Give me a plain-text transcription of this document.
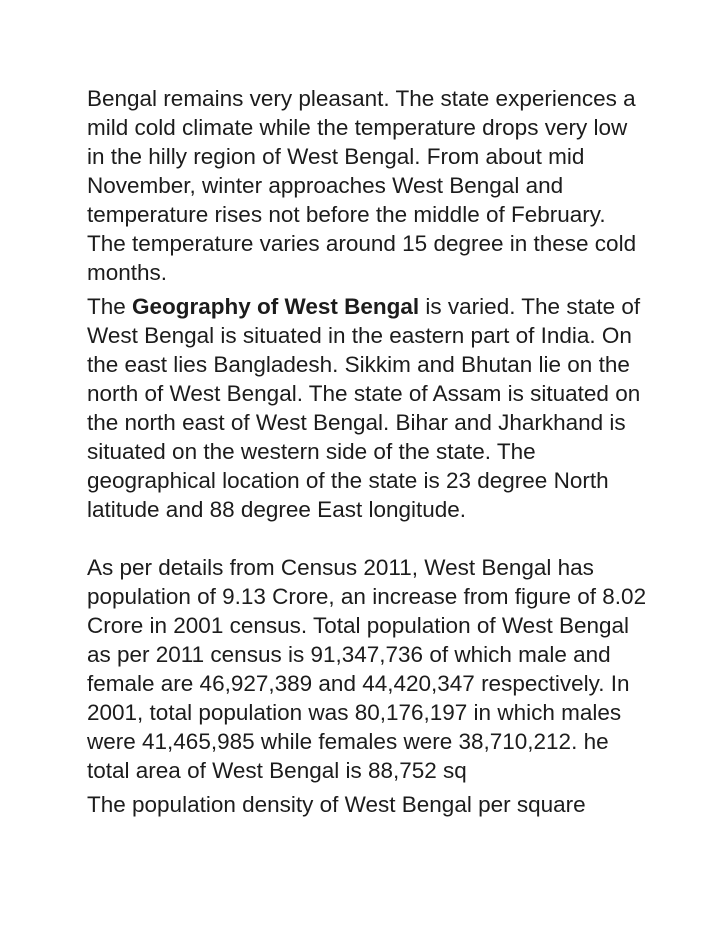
Bengal remains very pleasant. The state experiences a mild cold climate while the temperature drops very low in the hilly region of West Bengal. From about mid November, winter approaches West Bengal and temperature rises not before the middle of February. The temperature varies around 15 degree in these cold months.

The Geography of West Bengal is varied. The state of West Bengal is situated in the eastern part of India. On the east lies Bangladesh. Sikkim and Bhutan lie on the north of West Bengal. The state of Assam is situated on the north east of West Bengal. Bihar and Jharkhand is situated on the western side of the state. The geographical location of the state is 23 degree North latitude and 88 degree East longitude.

As per details from Census 2011, West Bengal has population of 9.13 Crore, an increase from figure of 8.02 Crore in 2001 census. Total population of West Bengal as per 2011 census is 91,347,736 of which male and female are 46,927,389 and 44,420,347 respectively. In 2001, total population was 80,176,197 in which males were 41,465,985 while females were 38,710,212. he total area of West Bengal is 88,752 sq

The population density of West Bengal per square
